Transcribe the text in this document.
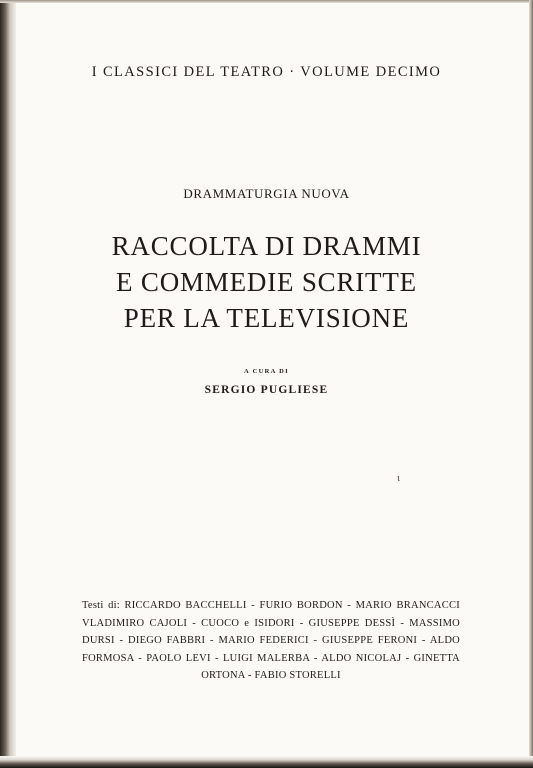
I CLASSICI DEL TEATRO · VOLUME DECIMO
DRAMMATURGIA NUOVA
RACCOLTA DI DRAMMI
E COMMEDIE SCRITTE
PER LA TELEVISIONE
A CURA DI
SERGIO PUGLIESE
ɩ
Testi di: RICCARDO BACCHELLI - FURIO BORDON - MARIO BRANCACCI
VLADIMIRO CAJOLI - CUOCO e ISIDORI - GIUSEPPE DESSÌ - MASSIMO
DURSI - DIEGO FABBRI - MARIO FEDERICI - GIUSEPPE FERONI - ALDO
FORMOSA - PAOLO LEVI - LUIGI MALERBA - ALDO NICOLAJ - GINETTA
ORTONA - FABIO STORELLI
